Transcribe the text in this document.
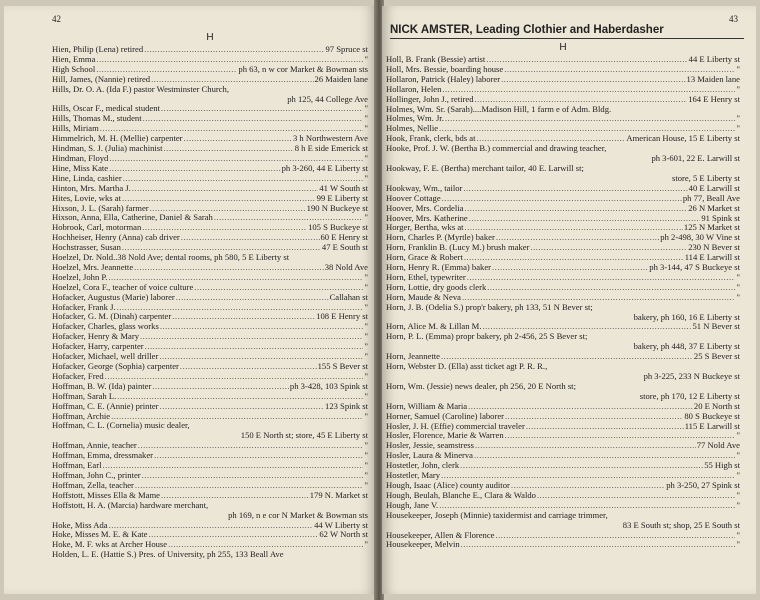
42
H
Hien, Philip (Lena) retired .....	97 Spruce st
Hien, Emma .....	"
High School .....	ph 63, n w cor Market & Bowman sts
Hill, James, (Nannie) retired .....	26 Maiden lane
Hills, Dr. O. A. (Ida F.) pastor Westminster Church,
ph 125, 44 College Ave
Hills, Oscar F., medical student .....	"
Hills, Thomas M., student .....	"
Hills, Miriam .....	"
Himmelrich, M. H. (Mellie) carpenter .....	3 h Northwestern Ave
Hindman, S. J. (Julia) machinist .....	8 h E side Emerick st
Hindman, Floyd .....	"
Hine, Miss Kate .....	ph 3-260, 44 E Liberty st
Hine, Linda, cashier .....	"
Hinton, Mrs. Martha J. .....	41 W South st
Hites, Lovie, wks at .....	99 E Liberty st
Hixson, J. L. (Sarah) farmer .....	190 N Buckeye st
Hixson, Anna, Ella, Catherine, Daniel & Sarah .....	"
Hobrook, Carl, motorman .....	105 S Buckeye st
Hochheiser, Henry (Anna) cab driver .....	60 E Henry st
Hochstrasser, Susan .....	47 E South st
Hoelzel, Dr. Nold..38 Nold Ave; dental rooms, ph 580, 5 E Liberty st
Hoelzel, Mrs. Jeannette .....	38 Nold Ave
Hoelzel, John P. .....	"
Hoelzel, Cora F., teacher of voice culture .....	"
Hofacker, Augustus (Marie) laborer .....	Callahan st
Hofacker, Frank J. .....	"
Hofacker, G. M. (Dinah) carpenter .....	108 E Henry st
Hofacker, Charles, glass works .....	"
Hofacker, Henry & Mary .....	"
Hofacker, Harry, carpenter .....	"
Hofacker, Michael, well driller .....	"
Hofacker, George (Sophia) carpenter .....	155 S Bever st
Hofacker, Fred .....	"
Hoffman, B. W. (Ida) painter .....	ph 3-428, 103 Spink st
Hoffman, Sarah L. .....	"
Hoffman, C. E. (Annie) printer .....	123 Spink st
Hoffman, Archie .....	"
Hoffman, C. L. (Cornelia) music dealer,
150 E North st; store, 45 E Liberty st
Hoffman, Annie, teacher .....	"
Hoffman, Emma, dressmaker .....	"
Hoffman, Earl .....	"
Hoffman, John C., printer .....	"
Hoffman, Zella, teacher .....	"
Hoffstott, Misses Ella & Mame .....	179 N. Market st
Hoffstott, H. A. (Marcia) hardware merchant,
ph 169, n e cor N Market & Bowman sts
Hoke, Miss Ada .....	44 W Liberty st
Hoke, Misses M. E. & Kate .....	62 W North st
Hoke, M. F. wks at Archer House .....	"
Holden, L. E. (Hattie S.) Pres. of University, ph 255, 133 Beall Ave
43
NICK AMSTER, Leading Clothier and Haberdasher
H
Holl, B. Frank (Bessie) artist .....	44 E Liberty st
Holl, Mrs. Bessie, boarding house .....	"
Hollaron, Patrick (Haley) laborer .....	13 Maiden lane
Hollaron, Helen .....	"
Hollinger, John J., retired .....	164 E Henry st
Holmes, Wm. Sr. (Sarah)....Madison Hill, 1 farm e of Adm. Bldg.
Holmes, Wm. Jr. .....	"
Holmes, Nellie .....	"
Hook, Frank, clerk, bds at .....	American House, 15 E Liberty st
Hooke, Prof. J. W. (Bertha B.) commercial and drawing teacher,
ph 3-601, 22 E. Larwill st
Hookway, F. E. (Bertha) merchant tailor, 40 E. Larwill st;
store, 5 E Liberty st
Hookway, Wm., tailor .....	40 E Larwill st
Hoover Cottage .....	ph 77, Beall Ave
Hoover, Mrs. Cordelia .....	26 N Market st
Hoover, Mrs. Katherine .....	91 Spink st
Horger, Bertha, wks at .....	125 N Market st
Horn, Charles P. (Myrtle) baker .....	ph 2-498, 30 W Vine st
Horn, Franklin B. (Lucy M.) brush maker .....	230 N Bever st
Horn, Grace & Robert .....	114 E Larwill st
Horn, Henry R. (Emma) baker .....	ph 3-144, 47 S Buckeye st
Horn, Ethel, typewriter .....	"
Horn, Lottie, dry goods clerk .....	"
Horn, Maude & Neva .....	"
Horn, J. B. (Odelia S.) prop'r bakery, ph 133, 51 N Bever st;
bakery, ph 160, 16 E Liberty st
Horn, Alice M. & Lillan M. .....	51 N Bever st
Horn, P. L. (Emma) propr bakery, ph 2-456, 25 S Bever st;
bakery, ph 448, 37 E Liberty st
Horn, Jeannette .....	25 S Bever st
Horn, Webster D. (Ella) asst ticket agt P. R. R.,
ph 3-225, 233 N Buckeye st
Horn, Wm. (Jessie) news dealer, ph 256, 20 E North st;
store, ph 170, 12 E Liberty st
Horn, William & Maria .....	20 E North st
Horner, Samuel (Caroline) laborer .....	80 S Buckeye st
Hosler, J. H. (Effie) commercial traveler .....	115 E Larwill st
Hosler, Florence, Marie & Warren .....	"
Hosler, Jessie, seamstress .....	77 Nold Ave
Hosler, Laura & Minerva .....	"
Hostetler, John, clerk .....	55 High st
Hostetler, Mary .....	"
Hough, Isaac (Alice) county auditor .....	ph 3-250, 27 Spink st
Hough, Beulah, Blanche E., Clara & Waldo .....	"
Hough, Jane V. .....	"
Housekeeper, Joseph (Minnie) taxidermist and carriage trimmer,
83 E South st; shop, 25 E South st
Housekeeper, Allen & Florence .....	"
Housekeeper, Melvin .....	"
